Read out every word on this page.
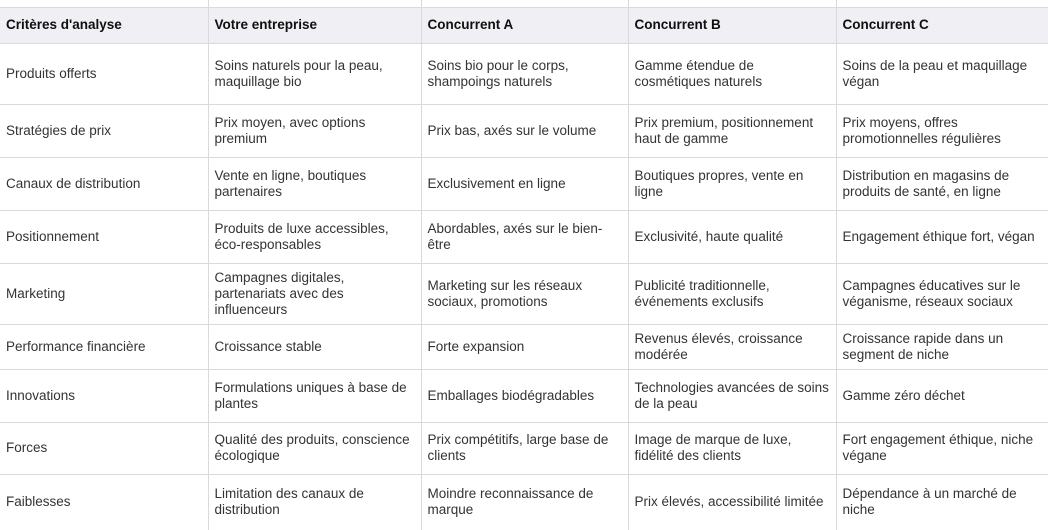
Critères d'analyse	Votre entreprise	Concurrent A	Concurrent B	Concurrent C
Produits offerts	Soins naturels pour la peau, maquillage bio	Soins bio pour le corps, shampoings naturels	Gamme étendue de cosmétiques naturels	Soins de la peau et maquillage végan
Stratégies de prix	Prix moyen, avec options premium	Prix bas, axés sur le volume	Prix premium, positionnement haut de gamme	Prix moyens, offres promotionnelles régulières
Canaux de distribution	Vente en ligne, boutiques partenaires	Exclusivement en ligne	Boutiques propres, vente en ligne	Distribution en magasins de produits de santé, en ligne
Positionnement	Produits de luxe accessibles, éco-responsables	Abordables, axés sur le bien-être	Exclusivité, haute qualité	Engagement éthique fort, végan
Marketing	Campagnes digitales, partenariats avec des influenceurs	Marketing sur les réseaux sociaux, promotions	Publicité traditionnelle, événements exclusifs	Campagnes éducatives sur le véganisme, réseaux sociaux
Performance financière	Croissance stable	Forte expansion	Revenus élevés, croissance modérée	Croissance rapide dans un segment de niche
Innovations	Formulations uniques à base de plantes	Emballages biodégradables	Technologies avancées de soins de la peau	Gamme zéro déchet
Forces	Qualité des produits, conscience écologique	Prix compétitifs, large base de clients	Image de marque de luxe, fidélité des clients	Fort engagement éthique, niche végane
Faiblesses	Limitation des canaux de distribution	Moindre reconnaissance de marque	Prix élevés, accessibilité limitée	Dépendance à un marché de niche
